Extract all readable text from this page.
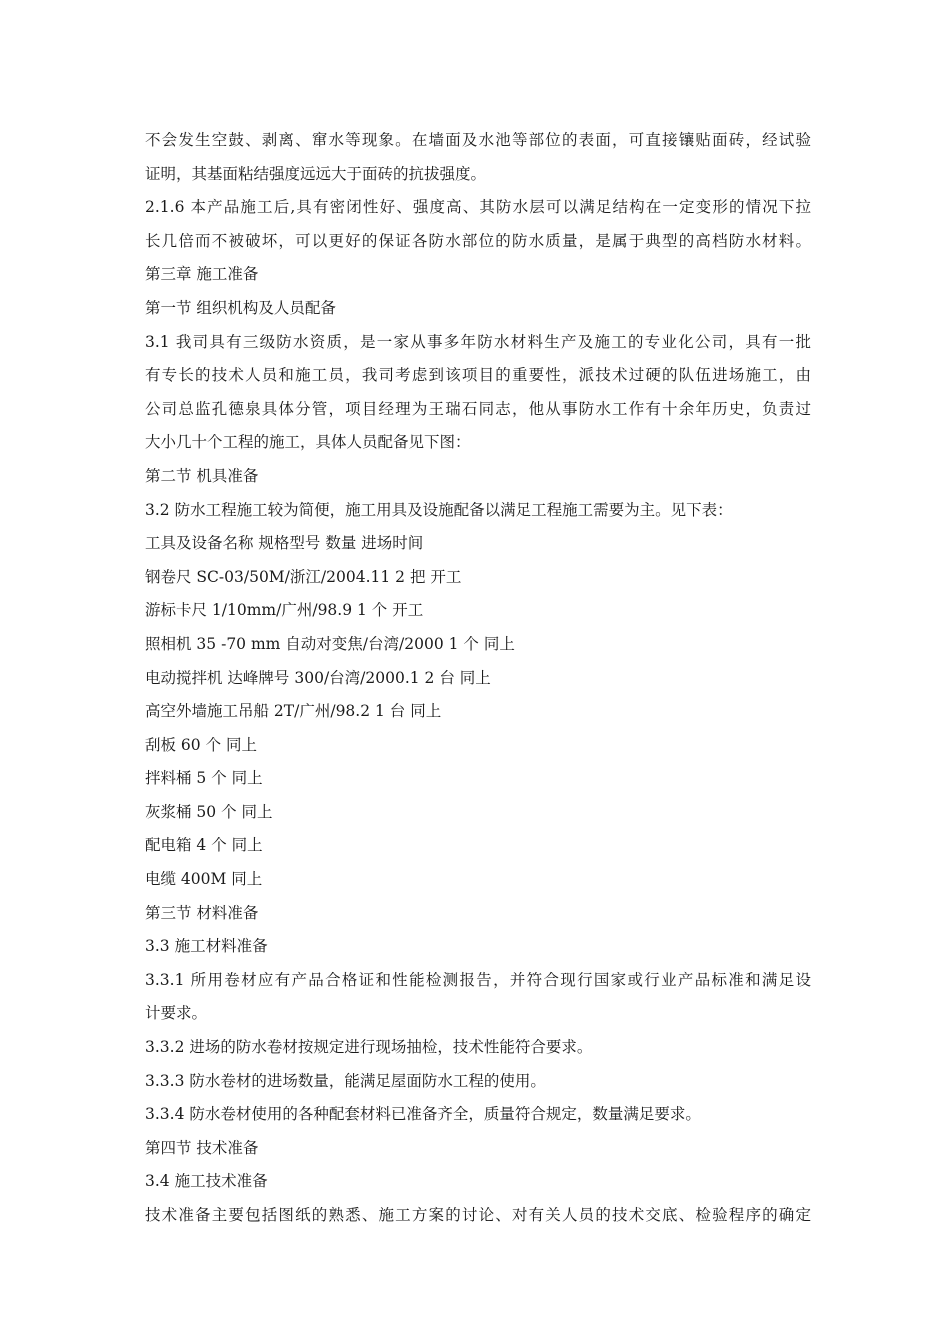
不会发生空鼓、剥离、窜水等现象。在墙面及水池等部位的表面，可直接镶贴面砖，经试验
证明，其基面粘结强度远远大于面砖的抗拔强度。
2.1.6 本产品施工后,具有密闭性好、强度高、其防水层可以满足结构在一定变形的情况下拉
长几倍而不被破坏，可以更好的保证各防水部位的防水质量，是属于典型的高档防水材料。
第三章 施工准备
第一节 组织机构及人员配备
3.1 我司具有三级防水资质，是一家从事多年防水材料生产及施工的专业化公司，具有一批
有专长的技术人员和施工员，我司考虑到该项目的重要性，派技术过硬的队伍进场施工，由
公司总监孔德泉具体分管，项目经理为王瑞石同志，他从事防水工作有十余年历史，负责过
大小几十个工程的施工，具体人员配备见下图：
第二节 机具准备
3.2 防水工程施工较为简便，施工用具及设施配备以满足工程施工需要为主。见下表：
工具及设备名称 规格型号 数量 进场时间
钢卷尺 SC-03/50M/浙江/2004.11 2 把 开工
游标卡尺 1/10mm/广州/98.9 1 个 开工
照相机 35 -70 mm 自动对变焦/台湾/2000 1 个 同上
电动搅拌机 达峰牌号 300/台湾/2000.1 2 台 同上
高空外墙施工吊船 2T/广州/98.2 1 台 同上
刮板 60 个 同上
拌料桶 5 个 同上
灰浆桶 50 个 同上
配电箱 4 个 同上
电缆 400M 同上
第三节 材料准备
3.3 施工材料准备
3.3.1 所用卷材应有产品合格证和性能检测报告，并符合现行国家或行业产品标准和满足设
计要求。
3.3.2 进场的防水卷材按规定进行现场抽检，技术性能符合要求。
3.3.3 防水卷材的进场数量，能满足屋面防水工程的使用。
3.3.4 防水卷材使用的各种配套材料已准备齐全，质量符合规定，数量满足要求。
第四节 技术准备
3.4 施工技术准备
技术准备主要包括图纸的熟悉、施工方案的讨论、对有关人员的技术交底、检验程序的确定
